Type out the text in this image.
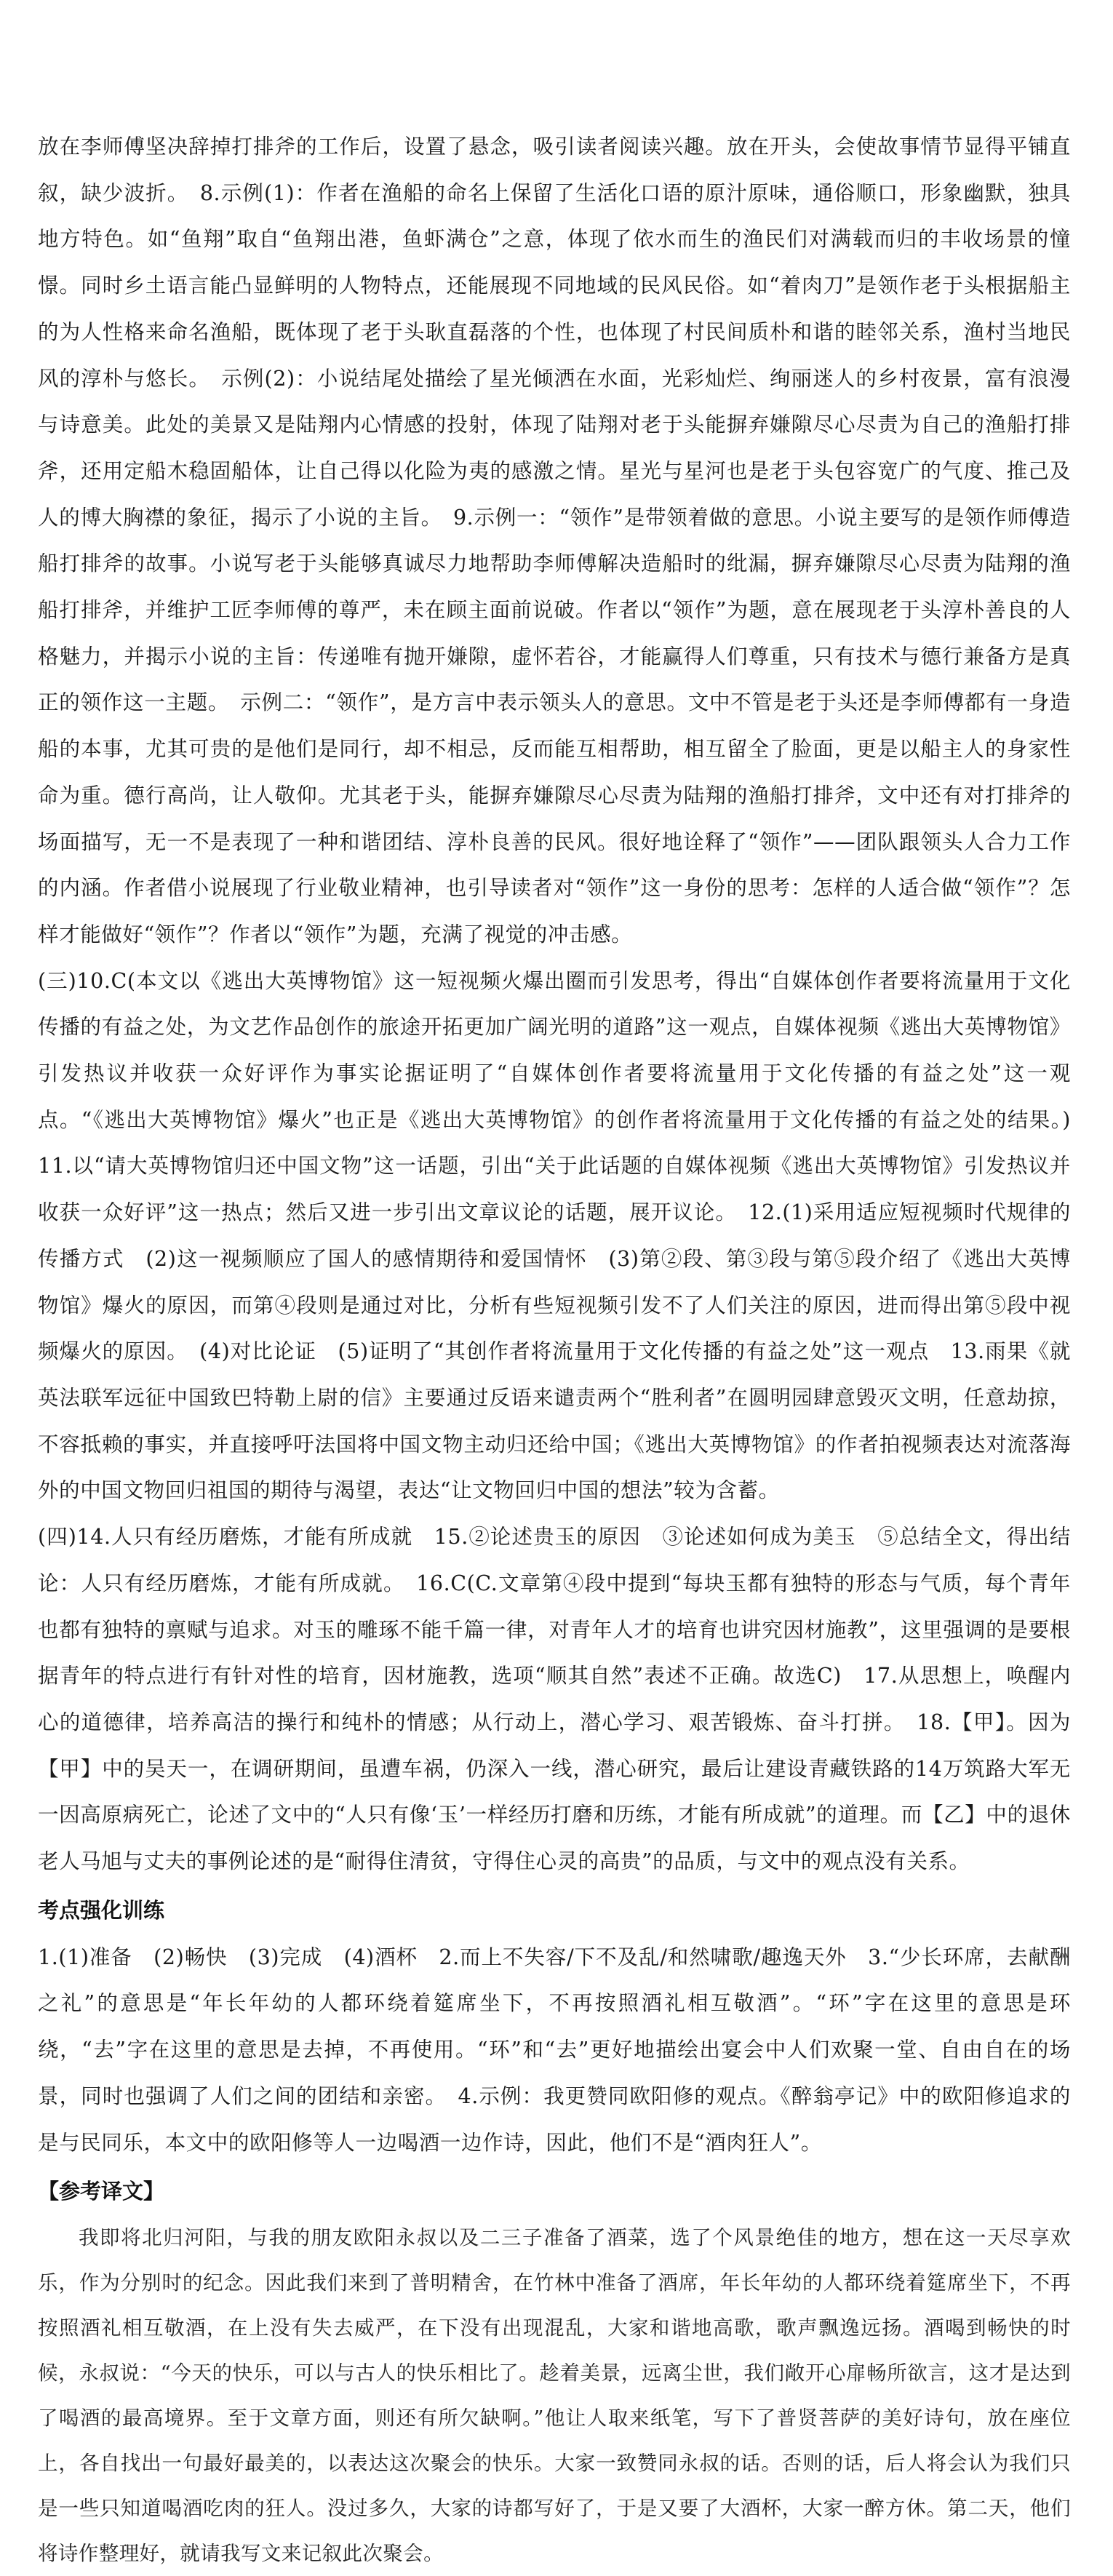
放在李师傅坚决辞掉打排斧的工作后，设置了悬念，吸引读者阅读兴趣。放在开头，会使故事情节显得平铺直叙，缺少波折。　8.示例(1)：作者在渔船的命名上保留了生活化口语的原汁原味，通俗顺口，形象幽默，独具地方特色。如“鱼翔”取自“鱼翔出港，鱼虾满仓”之意，体现了依水而生的渔民们对满载而归的丰收场景的憧憬。同时乡土语言能凸显鲜明的人物特点，还能展现不同地域的民风民俗。如“着肉刀”是领作老于头根据船主的为人性格来命名渔船，既体现了老于头耿直磊落的个性，也体现了村民间质朴和谐的睦邻关系，渔村当地民风的淳朴与悠长。　示例(2)：小说结尾处描绘了星光倾洒在水面，光彩灿烂、绚丽迷人的乡村夜景，富有浪漫与诗意美。此处的美景又是陆翔内心情感的投射，体现了陆翔对老于头能摒弃嫌隙尽心尽责为自己的渔船打排斧，还用定船木稳固船体，让自己得以化险为夷的感激之情。星光与星河也是老于头包容宽广的气度、推己及人的博大胸襟的象征，揭示了小说的主旨。　9.示例一：“领作”是带领着做的意思。小说主要写的是领作师傅造船打排斧的故事。小说写老于头能够真诚尽力地帮助李师傅解决造船时的纰漏，摒弃嫌隙尽心尽责为陆翔的渔船打排斧，并维护工匠李师傅的尊严，未在顾主面前说破。作者以“领作”为题，意在展现老于头淳朴善良的人格魅力，并揭示小说的主旨：传递唯有抛开嫌隙，虚怀若谷，才能赢得人们尊重，只有技术与德行兼备方是真正的领作这一主题。　示例二：“领作”，是方言中表示领头人的意思。文中不管是老于头还是李师傅都有一身造船的本事，尤其可贵的是他们是同行，却不相忌，反而能互相帮助，相互留全了脸面，更是以船主人的身家性命为重。德行高尚，让人敬仰。尤其老于头，能摒弃嫌隙尽心尽责为陆翔的渔船打排斧，文中还有对打排斧的场面描写，无一不是表现了一种和谐团结、淳朴良善的民风。很好地诠释了“领作”——团队跟领头人合力工作的内涵。作者借小说展现了行业敬业精神，也引导读者对“领作”这一身份的思考：怎样的人适合做“领作”？怎样才能做好“领作”？作者以“领作”为题，充满了视觉的冲击感。

(三)10.C(本文以《逃出大英博物馆》这一短视频火爆出圈而引发思考，得出“自媒体创作者要将流量用于文化传播的有益之处，为文艺作品创作的旅途开拓更加广阔光明的道路”这一观点，自媒体视频《逃出大英博物馆》引发热议并收获一众好评作为事实论据证明了“自媒体创作者要将流量用于文化传播的有益之处”这一观点。“《逃出大英博物馆》爆火”也正是《逃出大英博物馆》的创作者将流量用于文化传播的有益之处的结果。)　11.以“请大英博物馆归还中国文物”这一话题，引出“关于此话题的自媒体视频《逃出大英博物馆》引发热议并收获一众好评”这一热点；然后又进一步引出文章议论的话题，展开议论。　12.(1)采用适应短视频时代规律的传播方式　(2)这一视频顺应了国人的感情期待和爱国情怀　(3)第②段、第③段与第⑤段介绍了《逃出大英博物馆》爆火的原因，而第④段则是通过对比，分析有些短视频引发不了人们关注的原因，进而得出第⑤段中视频爆火的原因。　(4)对比论证　(5)证明了“其创作者将流量用于文化传播的有益之处”这一观点　13.雨果《就英法联军远征中国致巴特勒上尉的信》主要通过反语来谴责两个“胜利者”在圆明园肆意毁灭文明，任意劫掠，不容抵赖的事实，并直接呼吁法国将中国文物主动归还给中国；《逃出大英博物馆》的作者拍视频表达对流落海外的中国文物回归祖国的期待与渴望，表达“让文物回归中国的想法”较为含蓄。

(四)14.人只有经历磨炼，才能有所成就　15.②论述贵玉的原因　③论述如何成为美玉　⑤总结全文，得出结论：人只有经历磨炼，才能有所成就。　16.C(C.文章第④段中提到“每块玉都有独特的形态与气质，每个青年也都有独特的禀赋与追求。对玉的雕琢不能千篇一律，对青年人才的培育也讲究因材施教”，这里强调的是要根据青年的特点进行有针对性的培育，因材施教，选项“顺其自然”表述不正确。故选C)　17.从思想上，唤醒内心的道德律，培养高洁的操行和纯朴的情感；从行动上，潜心学习、艰苦锻炼、奋斗打拼。　18.【甲】。因为【甲】中的吴天一，在调研期间，虽遭车祸，仍深入一线，潜心研究，最后让建设青藏铁路的14万筑路大军无一因高原病死亡，论述了文中的“人只有像‘玉’一样经历打磨和历练，才能有所成就”的道理。而【乙】中的退休老人马旭与丈夫的事例论述的是“耐得住清贫，守得住心灵的高贵”的品质，与文中的观点没有关系。

考点强化训练

1.(1)准备　(2)畅快　(3)完成　(4)酒杯　2.而上不失容/下不及乱/和然啸歌/趣逸天外　3.“少长环席，去献酬之礼”的意思是“年长年幼的人都环绕着筵席坐下，不再按照酒礼相互敬酒”。“环”字在这里的意思是环绕，“去”字在这里的意思是去掉，不再使用。“环”和“去”更好地描绘出宴会中人们欢聚一堂、自由自在的场景，同时也强调了人们之间的团结和亲密。　4.示例：我更赞同欧阳修的观点。《醉翁亭记》中的欧阳修追求的是与民同乐，本文中的欧阳修等人一边喝酒一边作诗，因此，他们不是“酒肉狂人”。

【参考译文】

我即将北归河阳，与我的朋友欧阳永叔以及二三子准备了酒菜，选了个风景绝佳的地方，想在这一天尽享欢乐，作为分别时的纪念。因此我们来到了普明精舍，在竹林中准备了酒席，年长年幼的人都环绕着筵席坐下，不再按照酒礼相互敬酒，在上没有失去威严，在下没有出现混乱，大家和谐地高歌，歌声飘逸远扬。酒喝到畅快的时候，永叔说：“今天的快乐，可以与古人的快乐相比了。趁着美景，远离尘世，我们敞开心扉畅所欲言，这才是达到了喝酒的最高境界。至于文章方面，则还有所欠缺啊。”他让人取来纸笔，写下了普贤菩萨的美好诗句，放在座位上，各自找出一句最好最美的，以表达这次聚会的快乐。大家一致赞同永叔的话。否则的话，后人将会认为我们只是一些只知道喝酒吃肉的狂人。没过多久，大家的诗都写好了，于是又要了大酒杯，大家一醉方休。第二天，他们将诗作整理好，就请我写文来记叙此次聚会。
